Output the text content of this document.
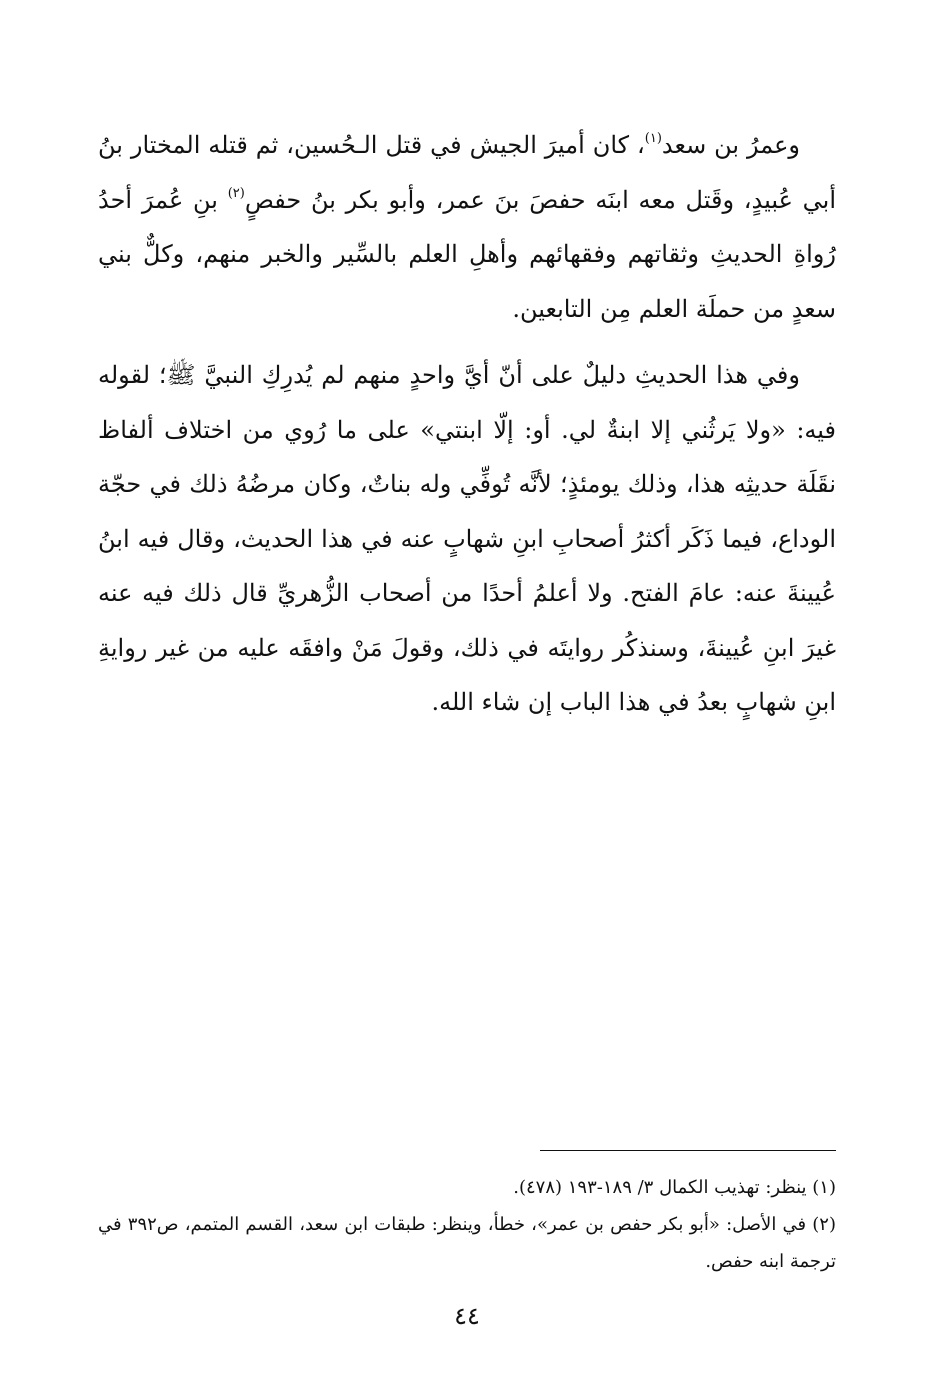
وعمرُ بن سعد$^{(١)}$، كان أميرَ الجيش في قتل الـحُسين، ثم قتله المختار بنُ أبي عُبيدٍ، وقَتل معه ابنَه حفصَ بنَ عمر، وأبو بكر بنُ حفصٍ$^{(٢)}$ بنِ عُمرَ أحدُ رُواةِ الحديثِ وثقاتهم وفقهائهم وأهلِ العلم بالسِّير والخبر منهم، وكلٌّ بني سعدٍ من حملَة العلم مِن التابعين.

وفي هذا الحديثِ دليلٌ على أنّ أيَّ واحدٍ منهم لم يُدرِكِ النبيَّ ﷺ؛ لقوله فيه: «ولا يَرثُني إلا ابنةٌ لي. أو: إلّا ابنتي» على ما رُوي من اختلاف ألفاظ نقَلَة حديثِه هذا، وذلك يومئذٍ؛ لأنَّه تُوفِّي وله بناتٌ، وكان مرضُهُ ذلك في حجّة الوداع، فيما ذَكَر أكثرُ أصحابِ ابنِ شهابٍ عنه في هذا الحديث، وقال فيه ابنُ عُيينةَ عنه: عامَ الفتح. ولا أعلمُ أحدًا من أصحاب الزُّهريِّ قال ذلك فيه عنه غيرَ ابنِ عُيينةَ، وسنذكُر روايتَه في ذلك، وقولَ مَنْ وافقَه عليه من غير روايةِ ابنِ شهابٍ بعدُ في هذا الباب إن شاء الله.

(١) ينظر: تهذيب الكمال ٣/ ١٨٩-١٩٣ (٤٧٨).

(٢) في الأصل: «أبو بكر حفص بن عمر»، خطأ، وينظر: طبقات ابن سعد، القسم المتمم، ص٣٩٢ في ترجمة ابنه حفص.

٤٤
